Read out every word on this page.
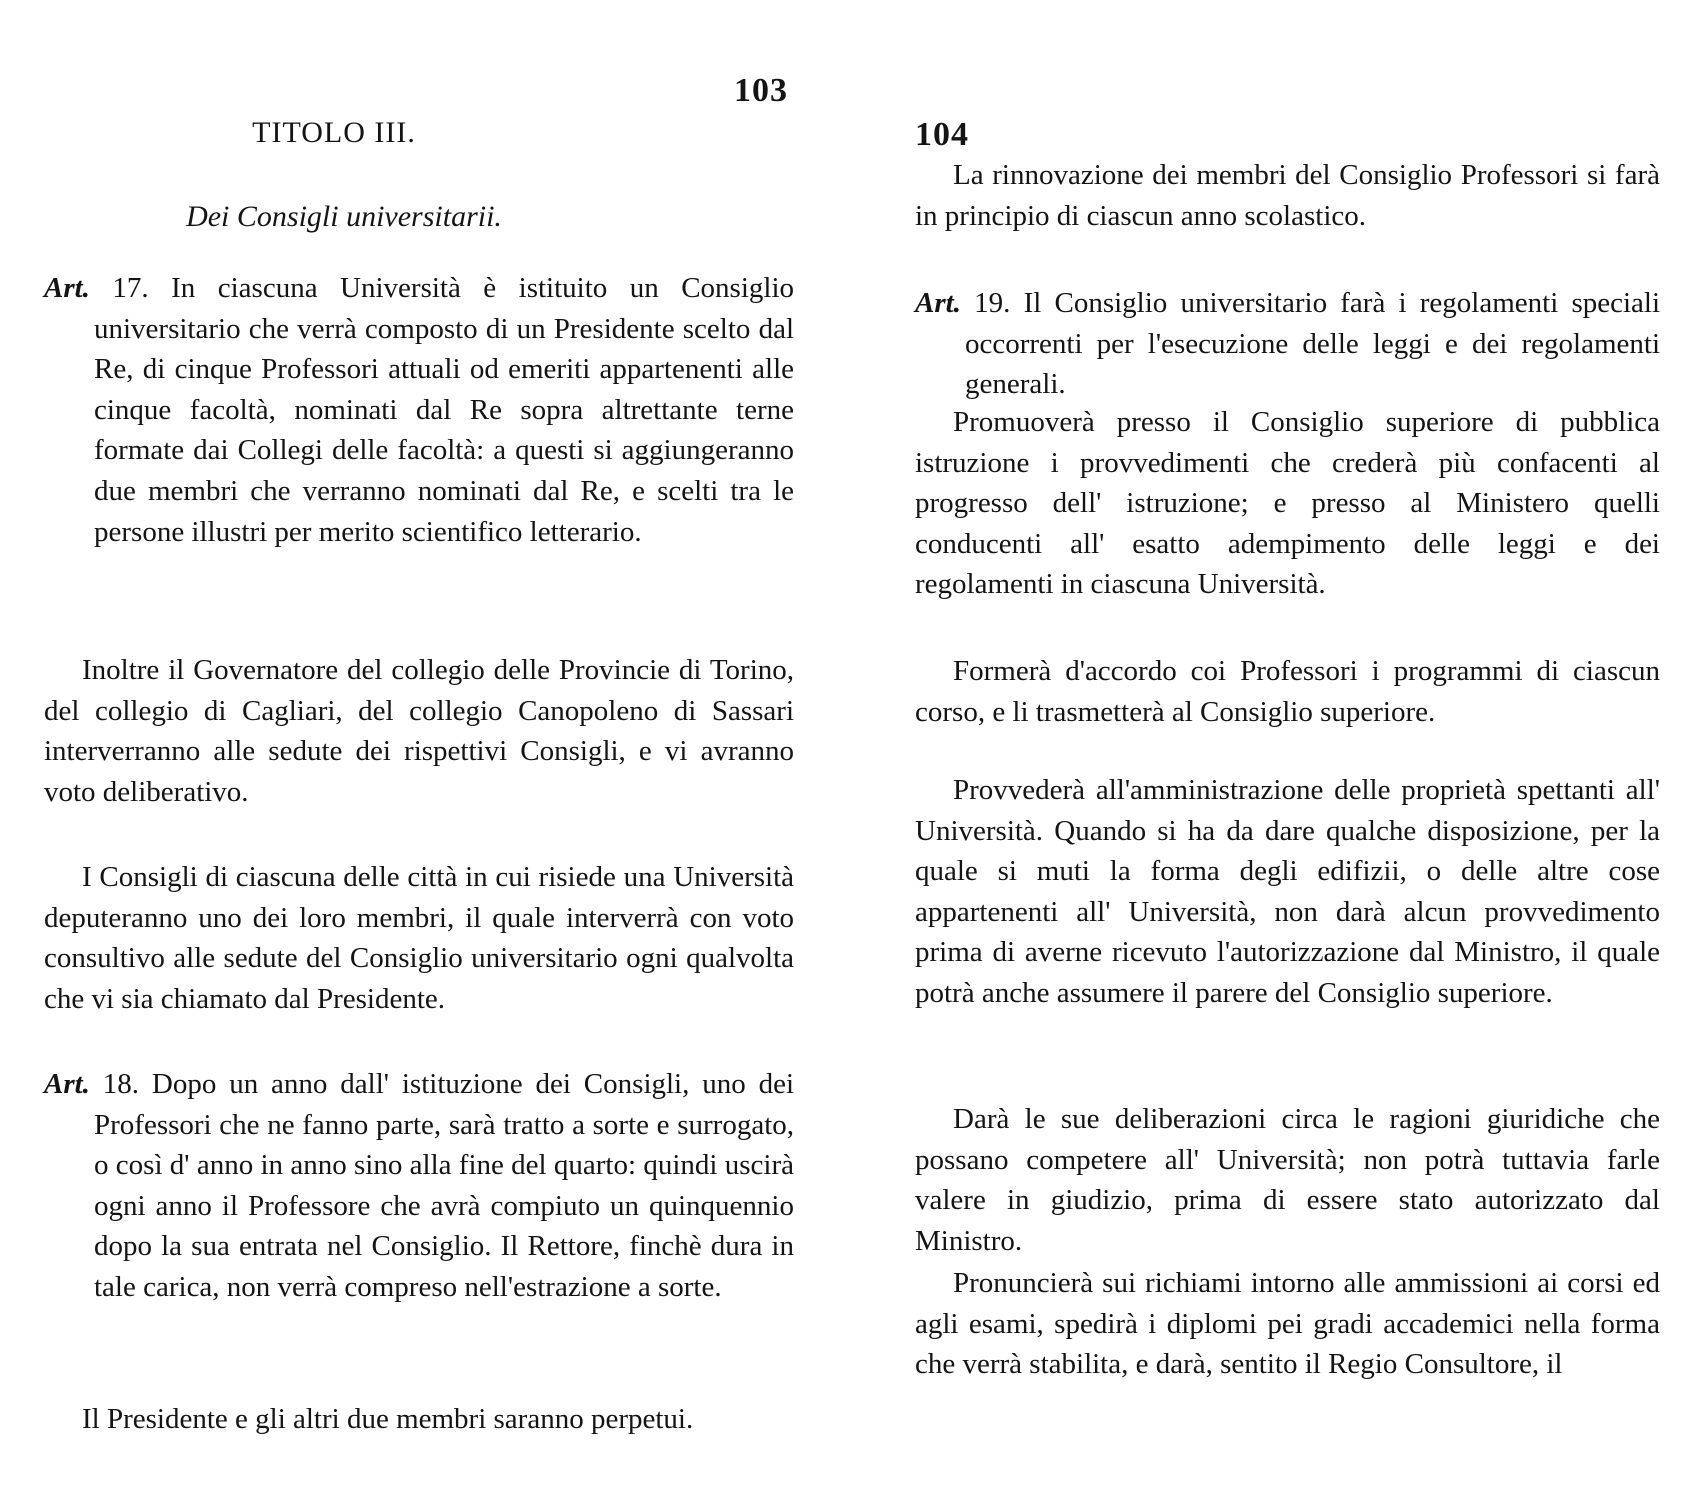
103
TITOLO III.
Dei Consigli universitarii.

Art. 17. In ciascuna Università è istituito un Consiglio universitario che verrà composto di un Presidente scelto dal Re, di cinque Professori attuali od emeriti appartenenti alle cinque facoltà, nominati dal Re sopra altrettante terne formate dai Collegi delle facoltà: a questi si aggiungeranno due membri che verranno nominati dal Re, e scelti tra le persone illustri per merito scientifico letterario.

Inoltre il Governatore del collegio delle Provincie di Torino, del collegio di Cagliari, del collegio Canopoleno di Sassari interverranno alle sedute dei rispettivi Consigli, e vi avranno voto deliberativo.

I Consigli di ciascuna delle città in cui risiede una Università deputeranno uno dei loro membri, il quale interverrà con voto consultivo alle sedute del Consiglio universitario ogni qualvolta che vi sia chiamato dal Presidente.

Art. 18. Dopo un anno dall' istituzione dei Consigli, uno dei Professori che ne fanno parte, sarà tratto a sorte e surrogato, o così d' anno in anno sino alla fine del quarto: quindi uscirà ogni anno il Professore che avrà compiuto un quinquennio dopo la sua entrata nel Consiglio. Il Rettore, finchè dura in tale carica, non verrà compreso nell'estrazione a sorte.

Il Presidente e gli altri due membri saranno perpetui.

104

La rinnovazione dei membri del Consiglio Professori si farà in principio di ciascun anno scolastico.

Art. 19. Il Consiglio universitario farà i regolamenti speciali occorrenti per l'esecuzione delle leggi e dei regolamenti generali.

Promuoverà presso il Consiglio superiore di pubblica istruzione i provvedimenti che crederà più confacenti al progresso dell' istruzione; e presso al Ministero quelli conducenti all' esatto adempimento delle leggi e dei regolamenti in ciascuna Università.

Formerà d'accordo coi Professori i programmi di ciascun corso, e li trasmetterà al Consiglio superiore.

Provvederà all'amministrazione delle proprietà spettanti all' Università. Quando si ha da dare qualche disposizione, per la quale si muti la forma degli edifizii, o delle altre cose appartenenti all' Università, non darà alcun provvedimento prima di averne ricevuto l'autorizzazione dal Ministro, il quale potrà anche assumere il parere del Consiglio superiore.

Darà le sue deliberazioni circa le ragioni giuridiche che possano competere all' Università; non potrà tuttavia farle valere in giudizio, prima di essere stato autorizzato dal Ministro.

Pronuncierà sui richiami intorno alle ammissioni ai corsi ed agli esami, spedirà i diplomi pei gradi accademici nella forma che verrà stabilita, e darà, sentito il Regio Consultore, il
